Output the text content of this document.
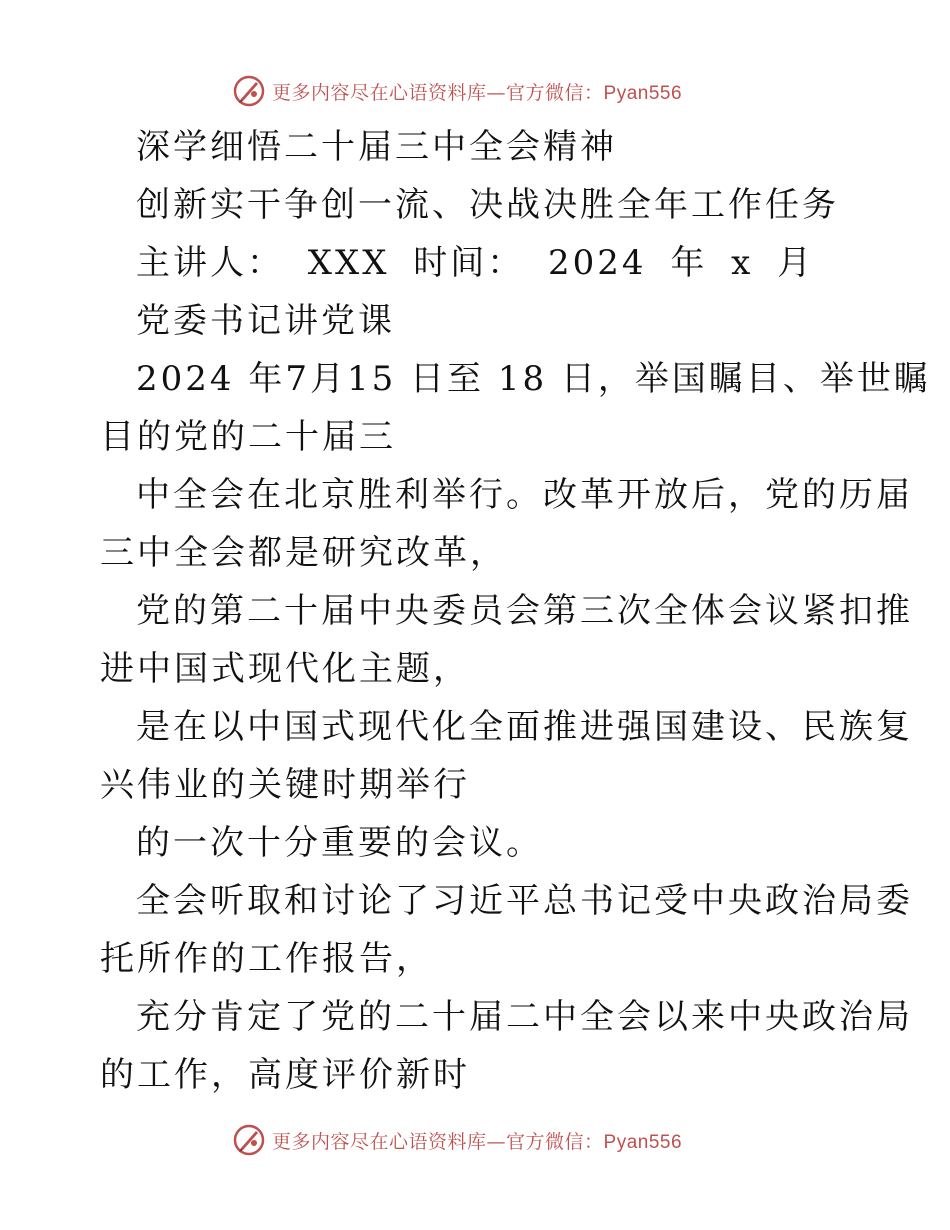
更多内容尽在心语资料库—官方微信：Pyan556

深学细悟二十届三中全会精神

创新实干争创一流、决战决胜全年工作任务

主讲人： XXX 时间： 2024 年 x 月

党委书记讲党课

2024 年7月15 日至 18 日，举国瞩目、举世瞩

目的党的二十届三

中全会在北京胜利举行。改革开放后，党的历届

三中全会都是研究改革，

党的第二十届中央委员会第三次全体会议紧扣推

进中国式现代化主题，

是在以中国式现代化全面推进强国建设、民族复

兴伟业的关键时期举行

的一次十分重要的会议。

全会听取和讨论了习近平总书记受中央政治局委

托所作的工作报告，

充分肯定了党的二十届二中全会以来中央政治局

的工作，高度评价新时

更多内容尽在心语资料库—官方微信：Pyan556
